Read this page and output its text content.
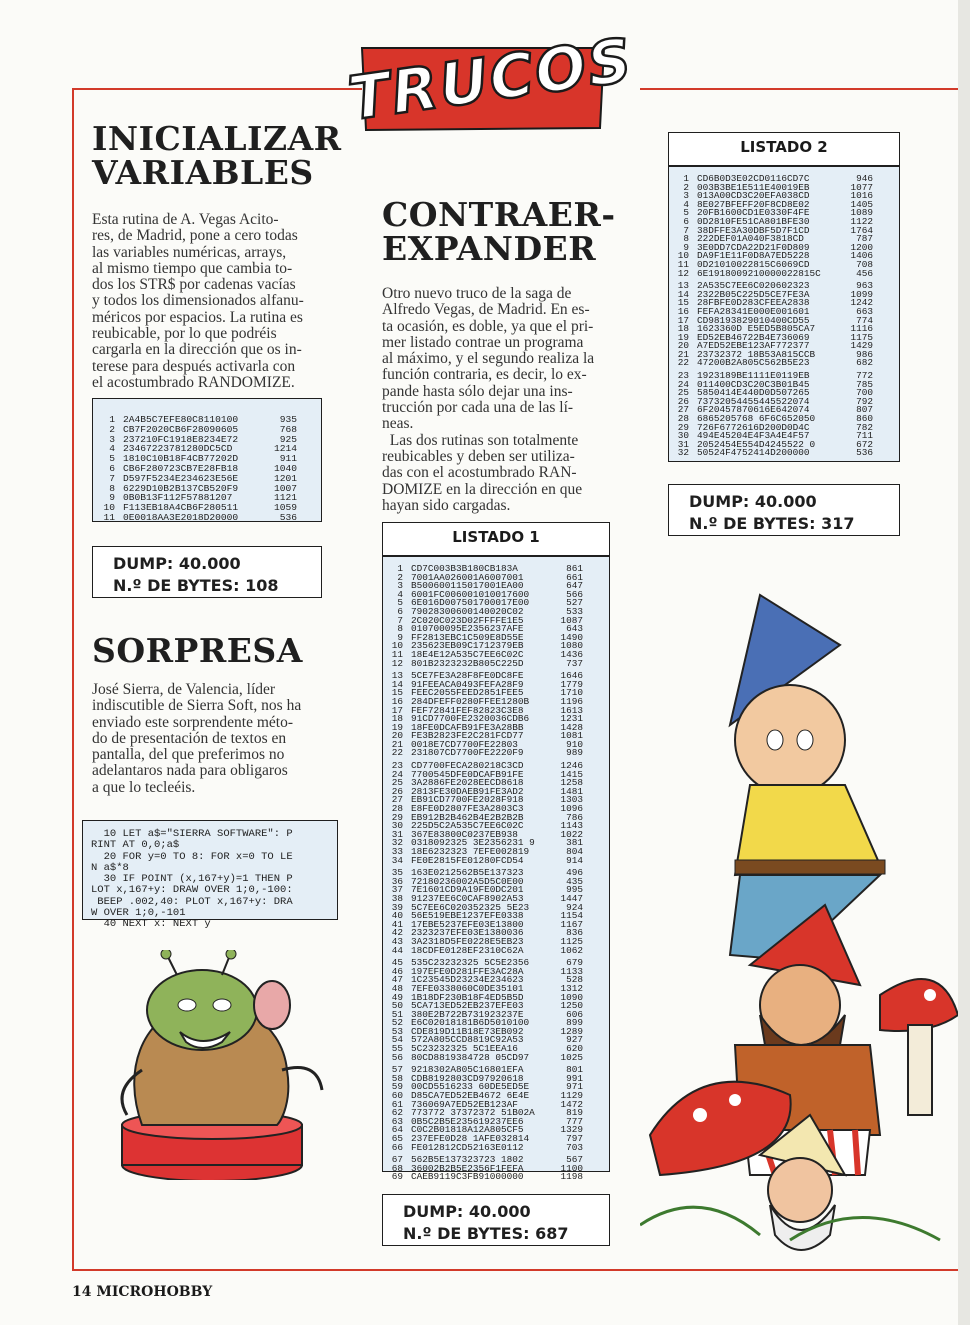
TRUCOS
INICIALIZAR
VARIABLES
Esta rutina de A. Vegas Acito-
res, de Madrid, pone a cero todas
las variables numéricas, arrays,
al mismo tiempo que cambia to-
dos los STR$ por cadenas vacías
y todos los dimensionados alfanu-
méricos por espacios. La rutina es
reubicable, por lo que podréis
cargarla en la dirección que os in-
terese para después activarla con
el acostumbrado RANDOMIZE.
1 2A4B5C7EFE80C8110100	935
2 CB7F2020CB6F28090605	768
3 237210FC1918E8234E72	925
4 23467223781280DC5CD	1214
5 1810C10B18F4CB77202D	911
6 CB6F280723CB7E28FB18	1040
7 D597F5234E234623E56E	1201
8 6229D10B2B137CB520F9	1007
9 0B0B13F112F57881207	1121
10 F113EB18A4CB6F280511	1059
11 0E0018AA3E2018D20000	536
DUMP: 40.000
N.º DE BYTES: 108
SORPRESA
José Sierra, de Valencia, líder
indiscutible de Sierra Soft, nos ha
enviado este sorprendente méto-
do de presentación de textos en
pantalla, del que preferimos no
adelantaros nada para obligaros
a que lo tecleéis.
10 LET a$="SIERRA SOFTWARE": P
RINT AT 0,0;a$
20 FOR y=0 TO 8: FOR x=0 TO LE
N a$*8
30 IF POINT (x,167+y)=1 THEN P
LOT x,167+y: DRAW OVER 1;0,-100:
BEEP .002,40: PLOT x,167+y: DRA
W OVER 1;0,-101
40 NEXT x: NEXT y
CONTRAER-
EXPANDER
Otro nuevo truco de la saga de
Alfredo Vegas, de Madrid. En es-
ta ocasión, es doble, ya que el pri-
mer listado contrae un programa
al máximo, y el segundo realiza la
función contraria, es decir, lo ex-
pande hasta sólo dejar una ins-
trucción por cada una de las lí-
neas.
Las dos rutinas son totalmente
reubicables y deben ser utiliza-
das con el acostumbrado RAN-
DOMIZE en la dirección en que
hayan sido cargadas.
LISTADO 1
1 CD7C003B3B180CB183A	861
2 7001AA026001A6007001	661
3 B500600115017001EA00	647
4 6001FC006001010017600	566
5 6E016D007501700017E00	527
6 79028300600140020C02	533
7 2C020C023D02FFFFE1E5	1087
8 010700095E2356237AFE	643
9 FF2813EBC1C509E8D55E	1490
10 235623EB09C1712379EB	1080
11 18E4E12A535C7EE6C02C	1436
12 801B2323232B805C225D	737
13 5CE7FE3A28F8FE0DC8FE	1646
14 91FEEACA0493FEFA28F9	1779
15 FEEC2055FEED2851FEE5	1710
16 284DFEFF0280FFEE1280B	1196
17 FEF72841FEF82823C3E8	1613
18 91CD7700FE2320036CDB6	1231
19 18FE0DCAFB91FE3A28BB	1428
20 FE3B2823FE2C281FCD77	1081
21 0018E7CD7700FE22803	910
22 231807CD7700FE2220F9	989
23 CD7700FECA280218C3CD	1246
24 7700545DFE0DCAFB91FE	1415
25 3A2886FE2028EECD8618	1258
26 2813FE30DAEB91FE3AD2	1481
27 EB91CD7700FE2028F918	1303
28 E8FE0D2807FE3A2803C3	1096
29 EB912B2B462B4E2B2B2B	786
30 225D5C2A535C7EE6C02C	1143
31 367E83800C0237EB938	1022
32 0318092325 3E2356231 9	381
33 18E6232323 7EFE002819	804
34 FE0E2815FE01280FCD54	914
35 163E0212562B5E137323	496
36 72180236002A5D5C0E00	435
37 7E1601CD9A19FE0DC201	995
38 91237EE6C0CAF8902A53	1447
39 5C7EE6C020352325 5E23	924
40 56E519EBE1237EFE0338	1154
41 17EBE5237EFE03E13800	1167
42 2323237EFE03E1380036	836
43 3A2318D5FE0228E5EB23	1125
44 18CDFE0128EF2310C62A	1062
45 535C23232325 5C5E2356	679
46 197EFE0D281FFE3AC28A	1133
47 1C23545D23234E234623	528
48 7EFE0338060C0DE35101	1312
49 1B18DF230B18F4ED5B5D	1090
50 5CA713ED52EB237EFE03	1250
51 380E2B722B731923237E	606
52 E6C02018181B6D5010100	899
53 CDE819D11B18E73EB092	1289
54 572A805CCD8819C92A53	927
55 5C23232325 5C1EEA16	620
56 80CD8819384728 05CD97	1025
57 9218302A805C16801EFA	801
58 CDB8192803CD97920618	991
59 00CD5516233 60DE5ED5E	971
60 D85CA7ED52EB4672 6E4E	1129
61 736069A7ED52EB123AF	1472
62 773772 37372372 51B02A	819
63 0B5C2B5E235619237EE6	777
64 C0C2B01818A12A805CF5	1329
65 237EFE0D28 1AFE032814	797
66 FE012812CD52163E0112	703
67 562B5E137323723 1802	567
68 36002B2B5E2356F1FEFA	1100
69 CAEB9119C3FB91000000	1198
DUMP: 40.000
N.º DE BYTES: 687
LISTADO 2
1 CD6B0D3E02CD0116CD7C	946
2 003B3BE1E511E40019EB	1077
3 013A00CD3C20EFA038CD	1016
4 8E027BFEFF20F8CD8E02	1405
5 20FB1600CD1E0330F4FE	1089
6 0D2810FE51CA801BFE30	1122
7 38DFFE3A30DBF5D7F1CD	1764
8 222DEF01A040F3818CD	787
9 3E0DD7CDA22D21F0D809	1200
10 DA9F1E11F0D8A7ED5228	1406
11 0D21010022815C6069CD	708
12 6E1918009210000022815C	456
13 2A535C7EE6C020602323	963
14 2322B05C225D5CE7FE3A	1099
15 28FBFE0D283CFEEA2838	1242
16 FEFA28341E000E001601	663
17 CD98193829010400CD55	774
18 1623360D E5ED5B805CA7	1116
19 ED52EB46722B4E736069	1175
20 A7ED52EBE123AF772377	1429
21 23732372 18B53A815CCB	986
22 47200B2A805C562B5E23	682
23 1923189BE1111E0119EB	772
24 011400CD3C20C3B01B45	785
25 5850414E440D0D507265	700
26 73732054455445522074	792
27 6F20457870616E642074	807
28 6865205768 6F6C652050	860
29 726F6772616D200D0D4C	782
30 494E45204E4F3A4E4F57	711
31 2052454E554D4245522 0	672
32 50524F4752414D200000	536
DUMP: 40.000
N.º DE BYTES: 317
14 MICROHOBBY
